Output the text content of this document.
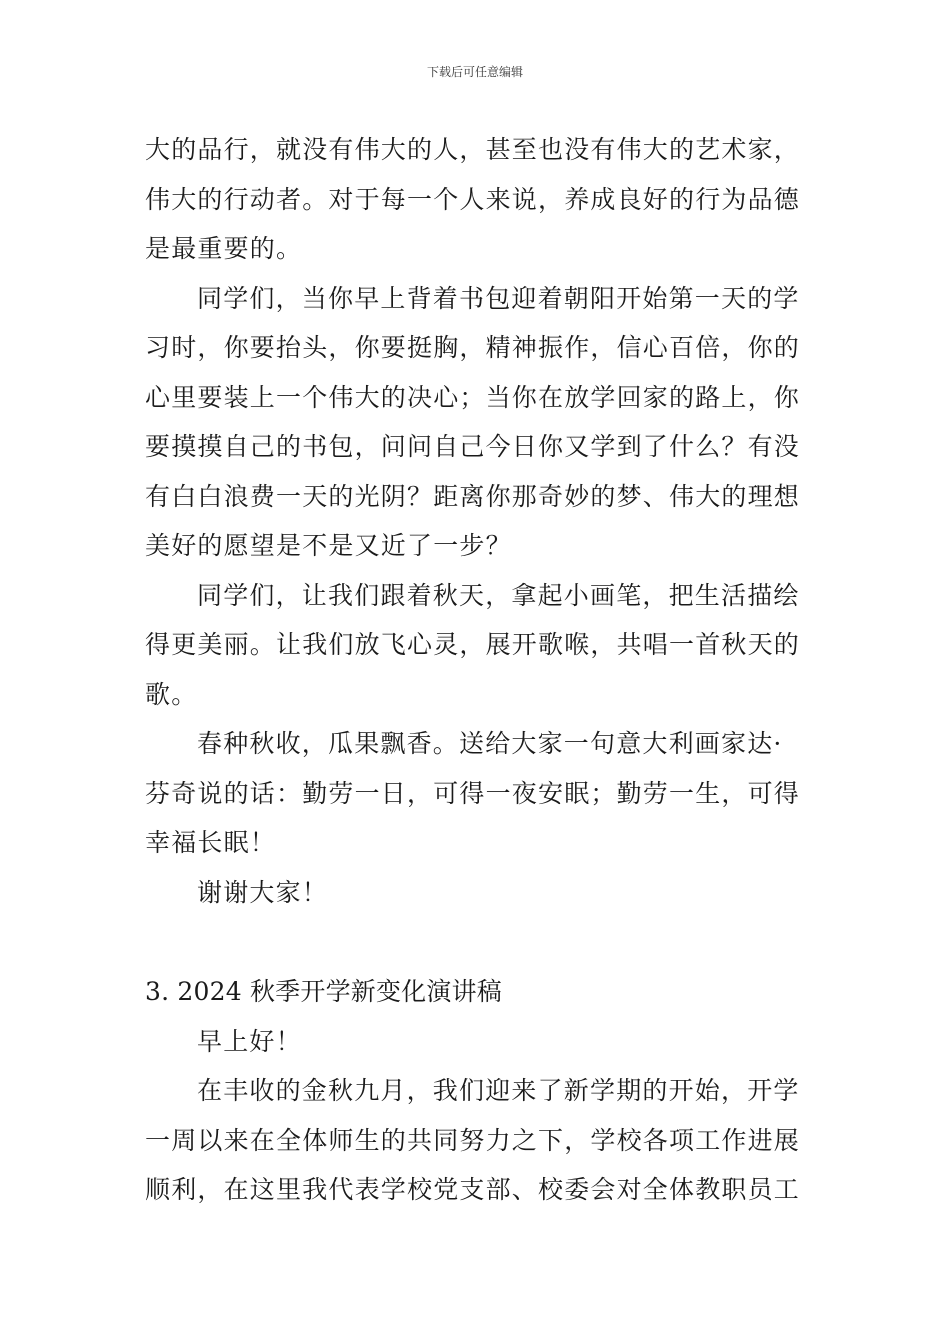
下载后可任意编辑
大的品行，就没有伟大的人，甚至也没有伟大的艺术家，
伟大的行动者。对于每一个人来说，养成良好的行为品德
是最重要的。
同学们，当你早上背着书包迎着朝阳开始第一天的学
习时，你要抬头，你要挺胸，精神振作，信心百倍，你的
心里要装上一个伟大的决心；当你在放学回家的路上，你
要摸摸自己的书包，问问自己今日你又学到了什么？有没
有白白浪费一天的光阴？距离你那奇妙的梦、伟大的理想
美好的愿望是不是又近了一步？
同学们，让我们跟着秋天，拿起小画笔，把生活描绘
得更美丽。让我们放飞心灵，展开歌喉，共唱一首秋天的
歌。
春种秋收，瓜果飘香。送给大家一句意大利画家达·
芬奇说的话：勤劳一日，可得一夜安眠；勤劳一生，可得
幸福长眠！
谢谢大家！
3. 2024 秋季开学新变化演讲稿
早上好！
在丰收的金秋九月，我们迎来了新学期的开始，开学
一周以来在全体师生的共同努力之下，学校各项工作进展
顺利，在这里我代表学校党支部、校委会对全体教职员工
